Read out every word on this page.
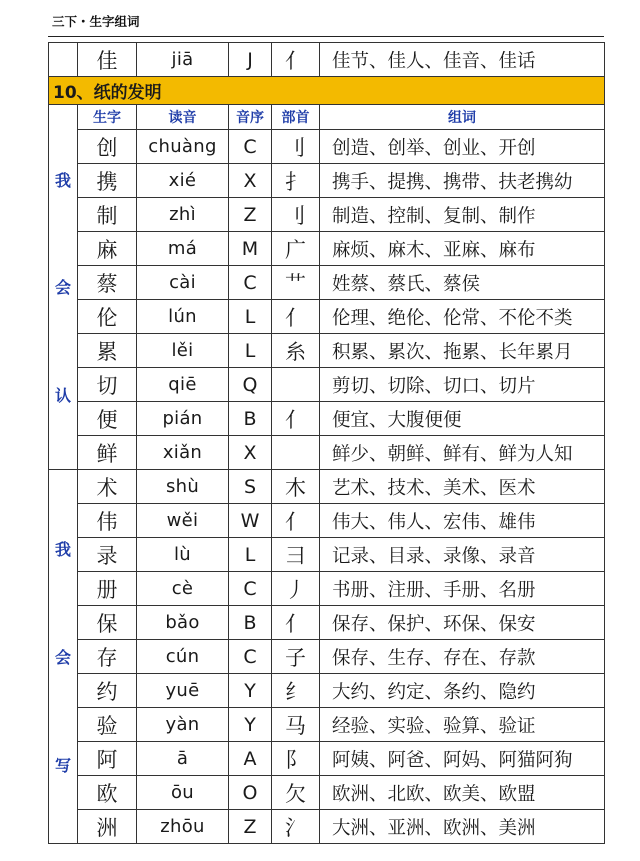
三下・生字组词
	佳	jiā	J	亻	佳节、佳人、佳音、佳话
10、纸的发明					

我
会
认	生字	读音	音序	部首	组词
	创	chuàng	C	刂	创造、创举、创业、开创
	携	xié	X	扌	携手、提携、携带、扶老携幼
	制	zhì	Z	刂	制造、控制、复制、制作
	麻	má	M	广	麻烦、麻木、亚麻、麻布
	蔡	cài	C	艹	姓蔡、蔡氏、蔡侯
	伦	lún	L	亻	伦理、绝伦、伦常、不伦不类
	累	lěi	L	糸	积累、累次、拖累、长年累月
	切	qiē	Q		剪切、切除、切口、切片
	便	pián	B	亻	便宜、大腹便便
	鲜	xiǎn	X		鲜少、朝鲜、鲜有、鲜为人知

我
会
写	术	shù	S	木	艺术、技术、美术、医术
	伟	wěi	W	亻	伟大、伟人、宏伟、雄伟
	录	lù	L	彐	记录、目录、录像、录音
	册	cè	C	丿	书册、注册、手册、名册
	保	bǎo	B	亻	保存、保护、环保、保安
	存	cún	C	子	保存、生存、存在、存款
	约	yuē	Y	纟	大约、约定、条约、隐约
	验	yàn	Y	马	经验、实验、验算、验证
	阿	ā	A	阝	阿姨、阿爸、阿妈、阿猫阿狗
	欧	ōu	O	欠	欧洲、北欧、欧美、欧盟
	洲	zhōu	Z	氵	大洲、亚洲、欧洲、美洲
